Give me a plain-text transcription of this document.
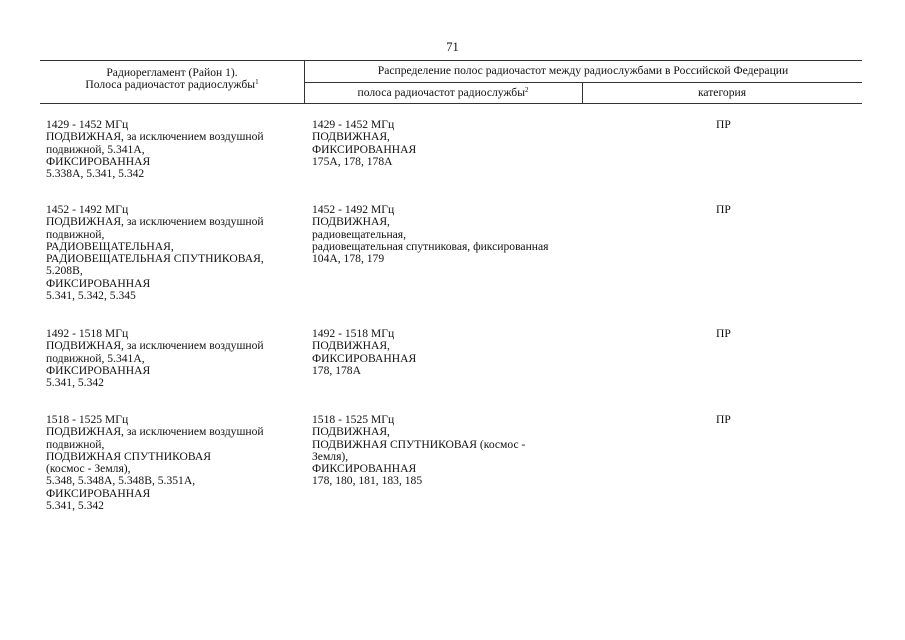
71
Радиорегламент (Район 1).
Полоса радиочастот радиослужбы$^1$
Распределение полос радиочастот между радиослужбами в Российской Федерации
полоса радиочастот радиослужбы$^2$	категория
1429 - 1452 МГц
ПОДВИЖНАЯ, за исключением воздушной
подвижной, 5.341А,
ФИКСИРОВАННАЯ
5.338А, 5.341, 5.342
1429 - 1452 МГц
ПОДВИЖНАЯ,
ФИКСИРОВАННАЯ
175А, 178, 178А
ПР
1452 - 1492 МГц
ПОДВИЖНАЯ, за исключением воздушной
подвижной,
РАДИОВЕЩАТЕЛЬНАЯ,
РАДИОВЕЩАТЕЛЬНАЯ СПУТНИКОВАЯ,
5.208В,
ФИКСИРОВАННАЯ
5.341, 5.342, 5.345
1452 - 1492 МГц
ПОДВИЖНАЯ,
радиовещательная,
радиовещательная спутниковая, фиксированная
104А, 178, 179
ПР
1492 - 1518 МГц
ПОДВИЖНАЯ, за исключением воздушной
подвижной, 5.341А,
ФИКСИРОВАННАЯ
5.341, 5.342
1492 - 1518 МГц
ПОДВИЖНАЯ,
ФИКСИРОВАННАЯ
178, 178А
ПР
1518 - 1525 МГц
ПОДВИЖНАЯ, за исключением воздушной
подвижной,
ПОДВИЖНАЯ СПУТНИКОВАЯ
(космос - Земля),
5.348, 5.348А, 5.348В, 5.351А,
ФИКСИРОВАННАЯ
5.341, 5.342
1518 - 1525 МГц
ПОДВИЖНАЯ,
ПОДВИЖНАЯ СПУТНИКОВАЯ (космос -
Земля),
ФИКСИРОВАННАЯ
178, 180, 181, 183, 185
ПР
